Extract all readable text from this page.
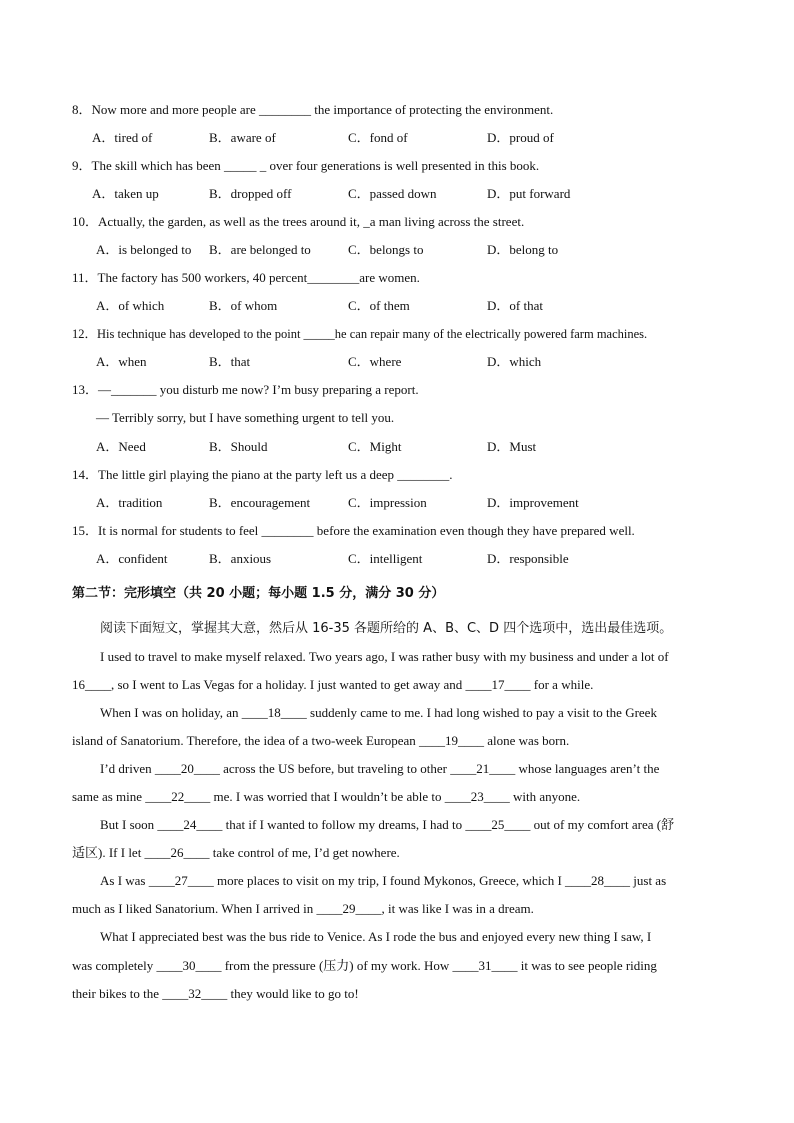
8．Now more and more people are ________ the importance of protecting the environment.
A．tired of	B．aware of	C．fond of	D．proud of
9．The skill which has been _____ _ over four generations is well presented in this book.
A．taken up	B．dropped off	C．passed down	D．put forward
10．Actually, the garden, as well as the trees around it, _a man living across the street.
A．is belonged to B．are belonged to	C．belongs to	D．belong to
11．The factory has 500 workers, 40 percent________are women.
A．of which	B．of whom	C．of them	D．of that
12．His technique has developed to the point _____he can repair many of the electrically powered farm machines.
A．when	B．that	C．where	D．which
13．—_______ you disturb me now? I’m busy preparing a report.
— Terribly sorry, but I have something urgent to tell you.
A．Need	B．Should	C．Might	D．Must
14．The little girl playing the piano at the party left us a deep ________.
A．tradition	B．encouragement	C．impression	D．improvement
15．It is normal for students to feel ________ before the examination even though they have prepared well.
A．confident	B．anxious	C．intelligent	D．responsible
第二节：完形填空（共 20 小题；每小题 1.5 分，满分 30 分）
阅读下面短文，掌握其大意，然后从 16-35 各题所给的 A、B、C、D 四个选项中，选出最佳选项。
I used to travel to make myself relaxed. Two years ago, I was rather busy with my business and under a lot of
16____, so I went to Las Vegas for a holiday. I just wanted to get away and ____17____ for a while.
When I was on holiday, an ____18____ suddenly came to me. I had long wished to pay a visit to the Greek
island of Sanatorium. Therefore, the idea of a two-week European ____19____ alone was born.
I’d driven ____20____ across the US before, but traveling to other ____21____ whose languages aren’t the
same as mine ____22____ me. I was worried that I wouldn’t be able to ____23____ with anyone.
But I soon ____24____ that if I wanted to follow my dreams, I had to ____25____ out of my comfort area (舒
适区). If I let ____26____ take control of me, I’d get nowhere.
As I was ____27____ more places to visit on my trip, I found Mykonos, Greece, which I ____28____ just as
much as I liked Sanatorium. When I arrived in ____29____, it was like I was in a dream.
What I appreciated best was the bus ride to Venice. As I rode the bus and enjoyed every new thing I saw, I
was completely ____30____ from the pressure (压力) of my work. How ____31____ it was to see people riding
their bikes to the ____32____ they would like to go to!
